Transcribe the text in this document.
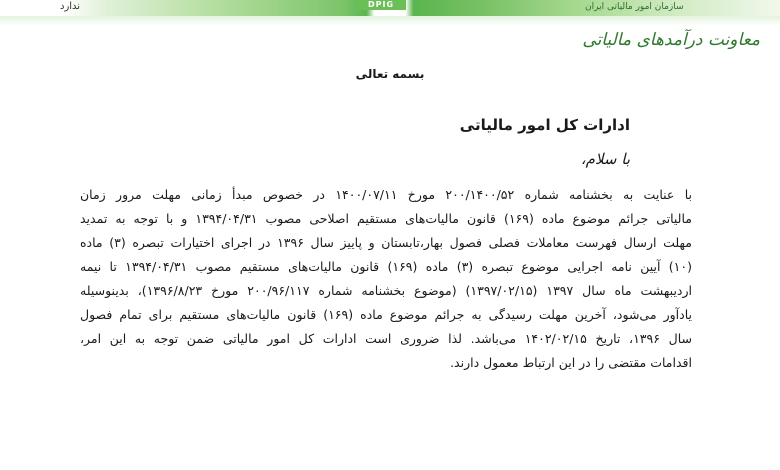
DPIG	سازمان امور مالیاتی ایران
ندارد
معاونت درآمدهای مالیاتی
بسمه تعالی
ادارات کل امور مالیاتی
با سلام،
با عنایت به بخشنامه شماره ۲۰۰/۱۴۰۰/۵۲ مورخ ۱۴۰۰/۰۷/۱۱ در خصوص مبدأ زمانی مهلت مرور زمان
مالیاتی جرائم موضوع ماده (۱۶۹) قانون مالیات‌های مستقیم اصلاحی مصوب ۱۳۹۴/۰۴/۳۱ و با توجه به تمدید
مهلت ارسال فهرست معاملات فصلی فصول بهار،تابستان و پاییز سال ۱۳۹۶ در اجرای اختیارات تبصره (۳) ماده
(۱۰) آیین نامه اجرایی موضوع تبصره (۳) ماده (۱۶۹) قانون مالیات‌های مستقیم مصوب ۱۳۹۴/۰۴/۳۱ تا نیمه
اردیبهشت ماه سال ۱۳۹۷ (۱۳۹۷/۰۲/۱۵) (موضوع بخشنامه شماره ۲۰۰/۹۶/۱۱۷ مورخ ۱۳۹۶/۸/۲۳)، بدینوسیله
یادآور می‌شود، آخرین مهلت رسیدگی به جرائم موضوع ماده (۱۶۹) قانون مالیات‌های مستقیم برای تمام فصول
سال ۱۳۹۶، تاریخ ۱۴۰۲/۰۲/۱۵ می‌باشد. لذا ضروری است ادارات کل امور مالیاتی ضمن توجه به این امر،
اقدامات مقتضی را در این ارتباط معمول دارند.
